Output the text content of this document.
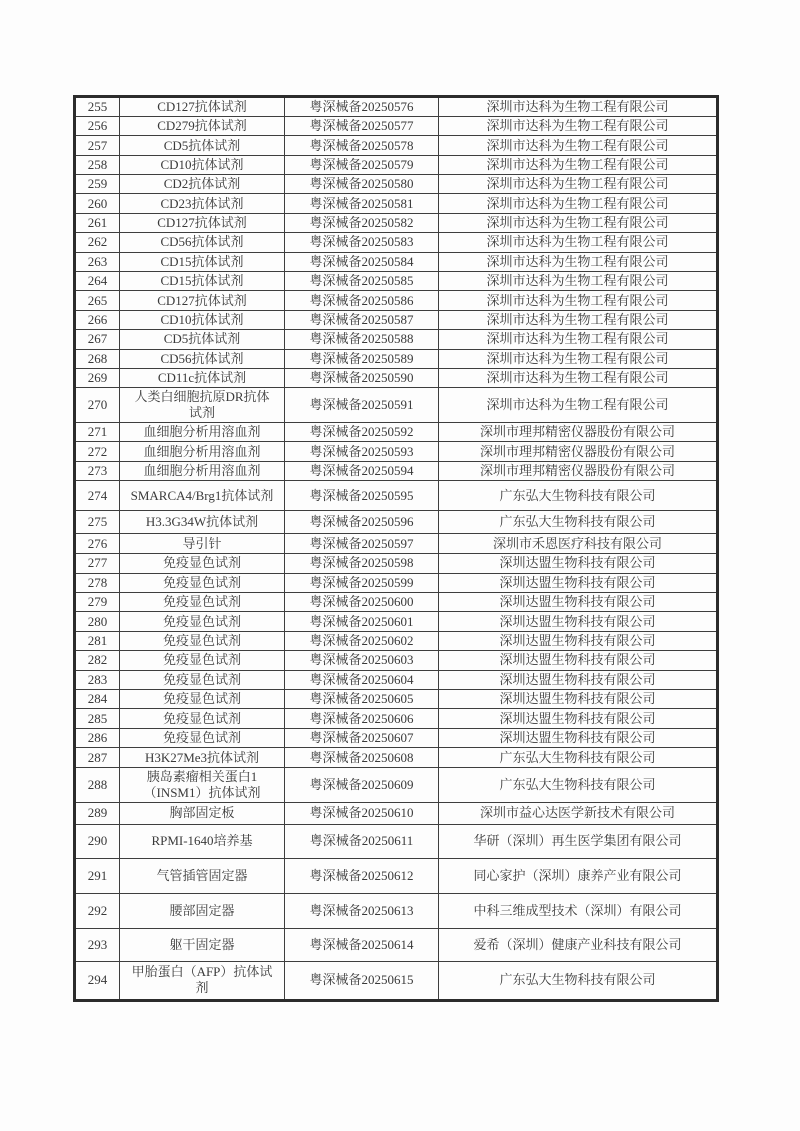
255	CD127抗体试剂	粤深械备20250576	深圳市达科为生物工程有限公司
256	CD279抗体试剂	粤深械备20250577	深圳市达科为生物工程有限公司
257	CD5抗体试剂	粤深械备20250578	深圳市达科为生物工程有限公司
258	CD10抗体试剂	粤深械备20250579	深圳市达科为生物工程有限公司
259	CD2抗体试剂	粤深械备20250580	深圳市达科为生物工程有限公司
260	CD23抗体试剂	粤深械备20250581	深圳市达科为生物工程有限公司
261	CD127抗体试剂	粤深械备20250582	深圳市达科为生物工程有限公司
262	CD56抗体试剂	粤深械备20250583	深圳市达科为生物工程有限公司
263	CD15抗体试剂	粤深械备20250584	深圳市达科为生物工程有限公司
264	CD15抗体试剂	粤深械备20250585	深圳市达科为生物工程有限公司
265	CD127抗体试剂	粤深械备20250586	深圳市达科为生物工程有限公司
266	CD10抗体试剂	粤深械备20250587	深圳市达科为生物工程有限公司
267	CD5抗体试剂	粤深械备20250588	深圳市达科为生物工程有限公司
268	CD56抗体试剂	粤深械备20250589	深圳市达科为生物工程有限公司
269	CD11c抗体试剂	粤深械备20250590	深圳市达科为生物工程有限公司
270	人类白细胞抗原DR抗体试剂	粤深械备20250591	深圳市达科为生物工程有限公司
271	血细胞分析用溶血剂	粤深械备20250592	深圳市理邦精密仪器股份有限公司
272	血细胞分析用溶血剂	粤深械备20250593	深圳市理邦精密仪器股份有限公司
273	血细胞分析用溶血剂	粤深械备20250594	深圳市理邦精密仪器股份有限公司
274	SMARCA4/Brg1抗体试剂	粤深械备20250595	广东弘大生物科技有限公司
275	H3.3G34W抗体试剂	粤深械备20250596	广东弘大生物科技有限公司
276	导引针	粤深械备20250597	深圳市禾恩医疗科技有限公司
277	免疫显色试剂	粤深械备20250598	深圳达盟生物科技有限公司
278	免疫显色试剂	粤深械备20250599	深圳达盟生物科技有限公司
279	免疫显色试剂	粤深械备20250600	深圳达盟生物科技有限公司
280	免疫显色试剂	粤深械备20250601	深圳达盟生物科技有限公司
281	免疫显色试剂	粤深械备20250602	深圳达盟生物科技有限公司
282	免疫显色试剂	粤深械备20250603	深圳达盟生物科技有限公司
283	免疫显色试剂	粤深械备20250604	深圳达盟生物科技有限公司
284	免疫显色试剂	粤深械备20250605	深圳达盟生物科技有限公司
285	免疫显色试剂	粤深械备20250606	深圳达盟生物科技有限公司
286	免疫显色试剂	粤深械备20250607	深圳达盟生物科技有限公司
287	H3K27Me3抗体试剂	粤深械备20250608	广东弘大生物科技有限公司
288	胰岛素瘤相关蛋白1（INSM1）抗体试剂	粤深械备20250609	广东弘大生物科技有限公司
289	胸部固定板	粤深械备20250610	深圳市益心达医学新技术有限公司
290	RPMI-1640培养基	粤深械备20250611	华研（深圳）再生医学集团有限公司
291	气管插管固定器	粤深械备20250612	同心家护（深圳）康养产业有限公司
292	腰部固定器	粤深械备20250613	中科三维成型技术（深圳）有限公司
293	躯干固定器	粤深械备20250614	爱希（深圳）健康产业科技有限公司
294	甲胎蛋白（AFP）抗体试剂	粤深械备20250615	广东弘大生物科技有限公司
